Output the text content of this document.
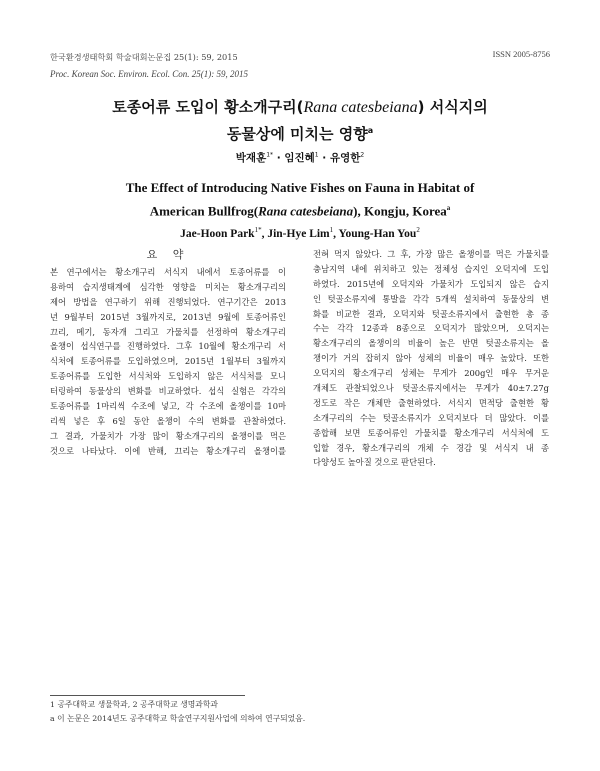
한국환경생태학회 학술대회논문집 25(1): 59, 2015
Proc. Korean Soc. Environ. Ecol. Con. 25(1): 59, 2015
ISSN 2005-8756
토종어류 도입이 황소개구리(Rana catesbeiana) 서식지의
동물상에 미치는 영향$^a$
박재훈$^{1*}$ · 임진혜$^1$ · 유영한$^2$
The Effect of Introducing Native Fishes on Fauna in Habitat of
American Bullfrog(Rana catesbeiana), Kongju, Korea$^a$
Jae-Hoon Park$^{1*}$, Jin-Hye Lim$^1$, Young-Han You$^2$
요 약
본 연구에서는 황소개구리 서식지 내에서 토종어류를 이
용하여 습지생태계에 심각한 영향을 미치는 황소개구리의
제어 방법을 연구하기 위해 진행되었다. 연구기간은 2013
년 9월부터 2015년 3월까지로, 2013년 9월에 토종어류인
끄리, 메기, 동자개 그리고 가물치를 선정하여 황소개구리
올챙이 섭식연구를 진행하였다. 그후 10월에 황소개구리 서
식처에 토종어류를 도입하였으며, 2015년 1월부터 3월까지
토종어류를 도입한 서식처와 도입하지 않은 서식처를 모니
터링하여 동물상의 변화를 비교하였다. 섭식 실험은 각각의
토종어류를 1마리씩 수조에 넣고, 각 수조에 올챙이를 10마
리씩 넣은 후 6일 동안 올챙이 수의 변화를 관찰하였다.
그 결과, 가물치가 가장 많이 황소개구리의 올챙이를 먹은
것으로 나타났다. 이에 반해, 끄리는 황소개구리 올챙이를
전혀 먹지 않았다. 그 후, 가장 많은 올챙이를 먹은 가물치를
충남지역 내에 위치하고 있는 정체성 습지인 오덕지에 도입
하였다. 2015년에 오덕지와 가물치가 도입되지 않은 습지
인 텃골소류지에 통발을 각각 5개씩 설치하여 동물상의 변
화를 비교한 결과, 오덕지와 텃골소류지에서 출현한 총 종
수는 각각 12종과 8종으로 오덕지가 많았으며, 오덕지는
황소개구리의 올챙이의 비율이 높은 반면 텃골소류지는 올
챙이가 거의 잡히지 않아 성체의 비율이 매우 높았다. 또한
오덕지의 황소개구리 성체는 무게가 200g인 매우 무거운
개체도 관찰되었으나 텃골소류지에서는 무게가 40±7.27g
정도로 작은 개체만 출현하였다. 서식지 면적당 출현한 황
소개구리의 수는 텃골소류지가 오덕지보다 더 많았다. 이를
종합해 보면 토종어류인 가물치를 황소개구리 서식처에 도
입할 경우, 황소개구리의 개체 수 경감 및 서식지 내 종
다양성도 높아질 것으로 판단된다.
1 공주대학교 생물학과, 2 공주대학교 생명과학과
a 이 논문은 2014년도 공주대학교 학술연구지원사업에 의하여 연구되었음.
